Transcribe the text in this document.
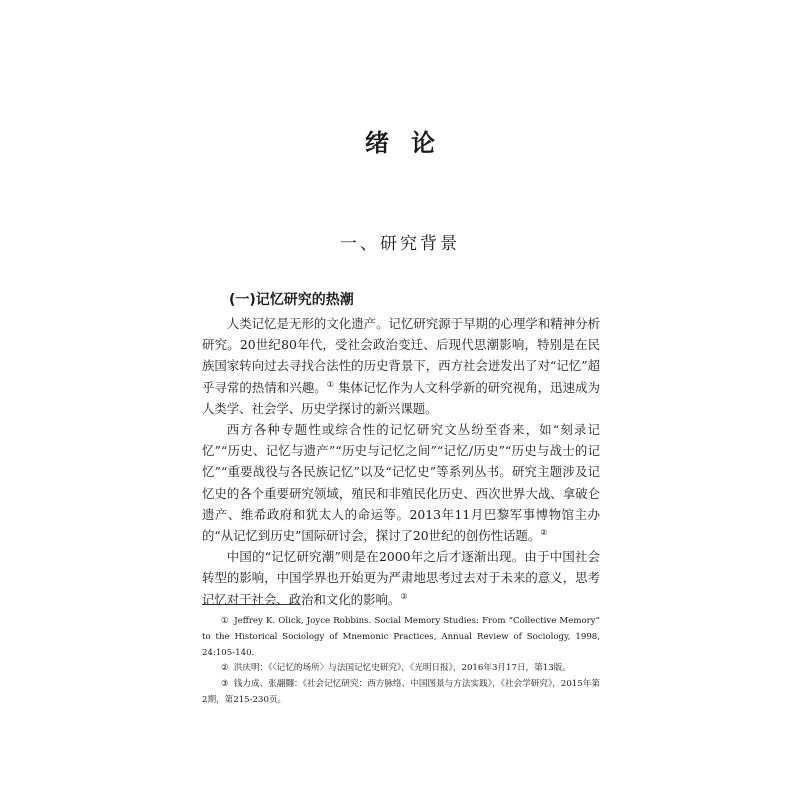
绪论
一、研究背景
(一)记忆研究的热潮

人类记忆是无形的文化遗产。记忆研究源于早期的心理学和精神分析研究。20世纪80年代，受社会政治变迁、后现代思潮影响，特别是在民族国家转向过去寻找合法性的历史背景下，西方社会迸发出了对“记忆”超乎寻常的热情和兴趣。① 集体记忆作为人文科学新的研究视角，迅速成为人类学、社会学、历史学探讨的新兴课题。

西方各种专题性或综合性的记忆研究文丛纷至沓来，如“刻录记忆”“历史、记忆与遗产”“历史与记忆之间”“记忆/历史”“历史与战士的记忆”“重要战役与各民族记忆”以及“记忆史”等系列丛书。研究主题涉及记忆史的各个重要研究领域，殖民和非殖民化历史、西次世界大战、拿破仑遗产、维希政府和犹太人的命运等。2013年11月巴黎军事博物馆主办的“从记忆到历史”国际研讨会，探讨了20世纪的创伤性话题。②

中国的“记忆研究潮”则是在2000年之后才逐渐出现。由于中国社会转型的影响，中国学界也开始更为严肃地思考过去对于未来的意义，思考记忆对于社会、政治和文化的影响。③

① Jeffrey K. Olick, Joyce Robbins. Social Memory Studies: From “Collective Memory” to the Historical Sociology of Mnemonic Practices, Annual Review of Sociology, 1998, 24:105-140.

② 洪庆明：《〈记忆的场所〉与法国记忆史研究》，《光明日报》，2016年3月17日，第13版。

③ 钱力成、张翮翾：《社会记忆研究：西方脉络、中国图景与方法实践》，《社会学研究》，2015年第2期，第215-230页。
